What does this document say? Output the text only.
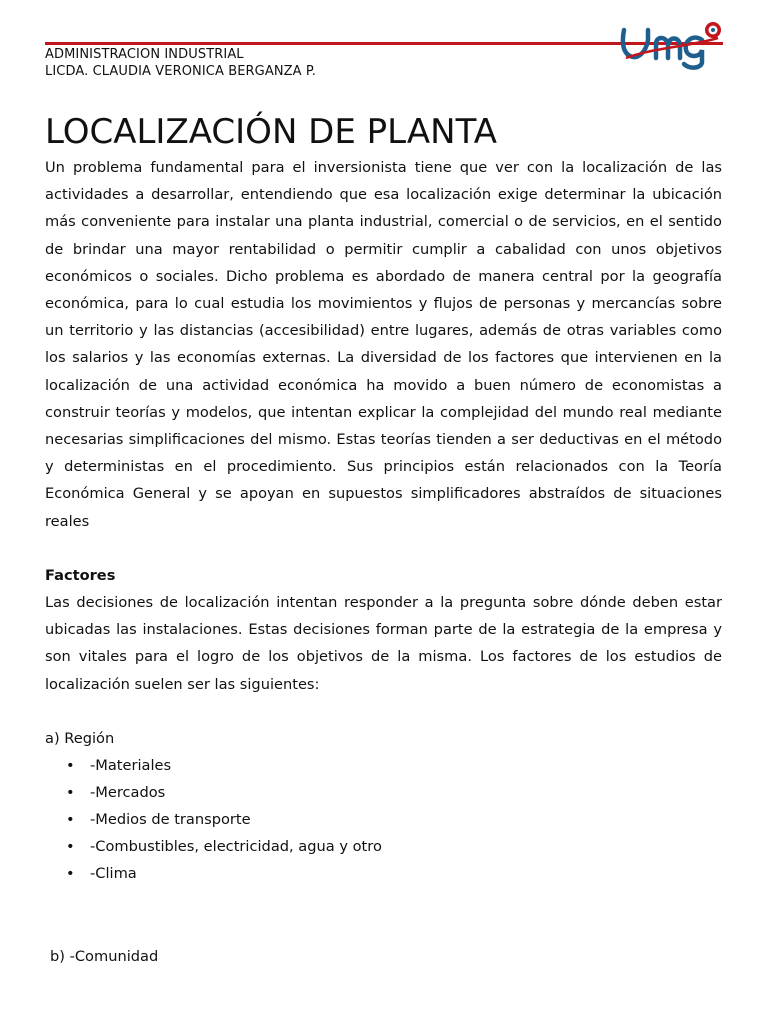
ADMINISTRACION INDUSTRIAL
LICDA. CLAUDIA VERONICA BERGANZA P.
LOCALIZACIÓN DE PLANTA

Un problema fundamental para el inversionista tiene que ver con la localización de las actividades a desarrollar, entendiendo que esa localización exige determinar la ubicación más conveniente para instalar una planta industrial, comercial o de servicios, en el sentido de brindar una mayor rentabilidad o permitir cumplir a cabalidad con unos objetivos económicos o sociales. Dicho problema es abordado de manera central por la geografía económica, para lo cual estudia los movimientos y flujos de personas y mercancías sobre un territorio y las distancias (accesibilidad) entre lugares, además de otras variables como los salarios y las economías externas. La diversidad de los factores que intervienen en la localización de una actividad económica ha movido a buen número de economistas a construir teorías y modelos, que intentan explicar la complejidad del mundo real mediante necesarias simplificaciones del mismo. Estas teorías tienden a ser deductivas en el método y deterministas en el procedimiento. Sus principios están relacionados con la Teoría Económica General y se apoyan en supuestos simplificadores abstraídos de situaciones reales

Factores

Las decisiones de localización intentan responder a la pregunta sobre dónde deben estar ubicadas las instalaciones. Estas decisiones forman parte de la estrategia de la empresa y son vitales para el logro de los objetivos de la misma. Los factores de los estudios de localización suelen ser las siguientes:

a) Región

• -Materiales
• -Mercados
• -Medios de transporte
• -Combustibles, electricidad, agua y otro
• -Clima

b) -Comunidad
